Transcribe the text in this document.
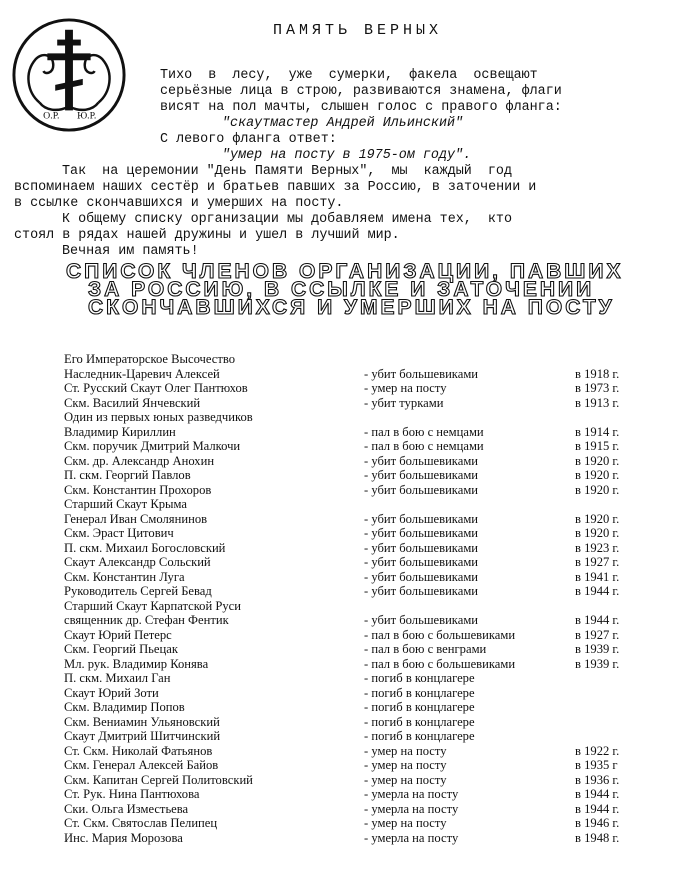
О.Р. Ю.Р.
ПАМЯТЬ ВЕРНЫХ
Тихо  в  лесу,  уже  сумерки,  факела  освещают
серьёзные лица в строю, развиваются знамена, флаги
висят на пол мачты, слышен голос с правого фланга:
"скаутмастер Андрей Ильинский"
С левого фланга ответ:
"умер на посту в 1975-ом году".
Так  на церемонии "День Памяти Верных",  мы  каждый  год
вспоминаем наших сестёр и братьев павших за Россию, в заточении и
в ссылке скончавшихся и умерших на посту.
К общему списку организации мы добавляем имена тех,  кто
стоял в рядах нашей дружины и ушел в лучший мир.
Вечная им память!
СПИСОК ЧЛЕНОВ ОРГАНИЗАЦИИ, ПАВШИХ
ЗА РОССИЮ, В ССЫЛКЕ И ЗАТОЧЕНИИ
СКОНЧАВШИХСЯ И УМЕРШИХ НА ПОСТУ
Его Императорское Высочество
Наследник-Царевич Алексей	- убит большевиками	в 1918 г.
Ст. Русский Скаут Олег Пантюхов	- умер на посту	в 1973 г.
Скм. Василий Янчевский	- убит турками	в 1913 г.
Один из первых юных разведчиков
Владимир Кириллин	- пал в бою с немцами	в 1914 г.
Скм. поручик Дмитрий Малкочи	- пал в бою с немцами	в 1915 г.
Скм. др. Александр Анохин	- убит большевиками	в 1920 г.
П. скм. Георгий Павлов	- убит большевиками	в 1920 г.
Скм. Константин Прохоров	- убит большевиками	в 1920 г.
Старший Скаут Крыма
Генерал Иван Смолянинов	- убит большевиками	в 1920 г.
Скм. Эраст Цитович	- убит большевиками	в 1920 г.
П. скм. Михаил Богословский	- убит большевиками	в 1923 г.
Скаут Александр Сольский	- убит большевиками	в 1927 г.
Скм. Константин Луга	- убит большевиками	в 1941 г.
Руководитель Сергей Бевад	- убит большевиками	в 1944 г.
Старший Скаут Карпатской Руси
священник др. Стефан Фентик	- убит большевиками	в 1944 г.
Скаут Юрий Петерс	- пал в бою с большевиками	в 1927 г.
Скм. Георгий Пьецак	- пал в бою с венграми	в 1939 г.
Мл. рук. Владимир Конява	- пал в бою с большевиками	в 1939 г.
П. скм. Михаил Ган	- погиб в концлагере
Скаут Юрий Зоти	- погиб в концлагере
Скм. Владимир Попов	- погиб в концлагере
Скм. Вениамин Ульяновский	- погиб в концлагере
Скаут Дмитрий Шитчинский	- погиб в концлагере
Ст. Скм. Николай Фатьянов	- умер на посту	в 1922 г.
Скм. Генерал Алексей Байов	- умер на посту	в 1935 г
Скм. Капитан Сергей Политовский	- умер на посту	в 1936 г.
Ст. Рук. Нина Пантюхова	- умерла на посту	в 1944 г.
Ски. Ольга Изместьева	- умерла на посту	в 1944 г.
Ст. Скм. Святослав Пелипец	- умер на посту	в 1946 г.
Инс. Мария Морозова	- умерла на посту	в 1948 г.
